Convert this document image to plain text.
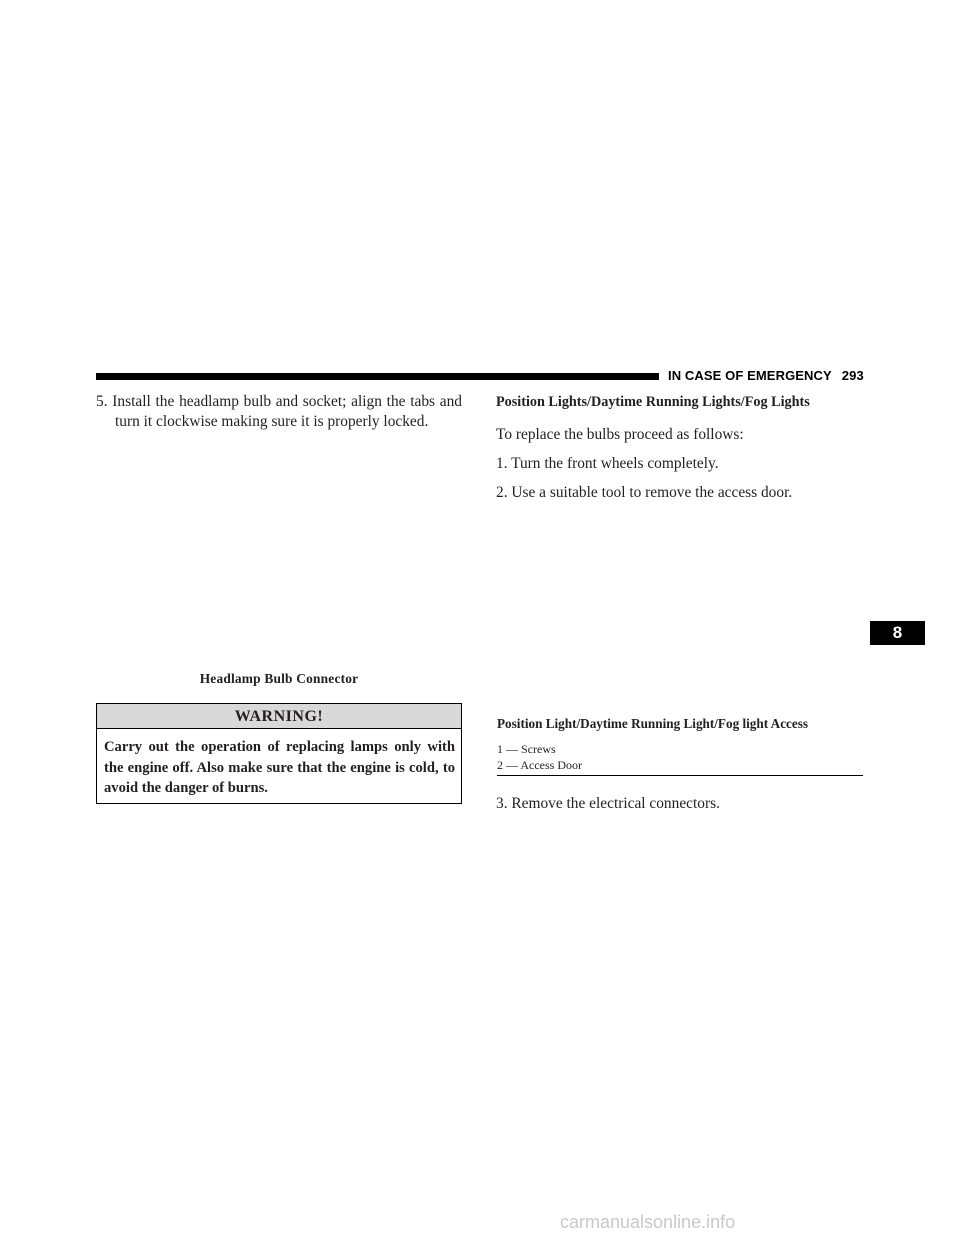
IN CASE OF EMERGENCY 293

5. Install the headlamp bulb and socket; align the tabs and turn it clockwise making sure it is properly locked.

Headlamp Bulb Connector
WARNING!
Carry out the operation of replacing lamps only with the engine off. Also make sure that the engine is cold, to avoid the danger of burns.

Position Lights/Daytime Running Lights/Fog Lights

To replace the bulbs proceed as follows:

1. Turn the front wheels completely.

2. Use a suitable tool to remove the access door.

Position Light/Daytime Running Light/Fog light Access
1 — Screws
2 — Access Door
3. Remove the electrical connectors.
8
carmanualsonline.info
